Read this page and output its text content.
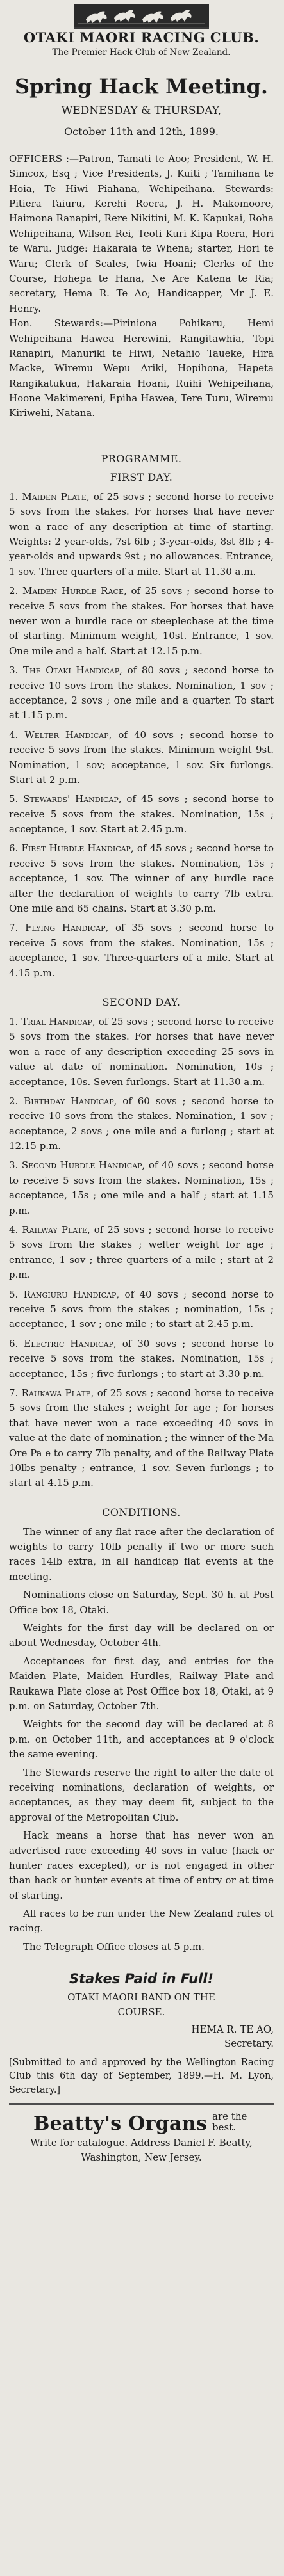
OTAKI MAORI RACING CLUB.
The Premier Hack Club of New Zealand.
Spring Hack Meeting.
WEDNESDAY & THURSDAY,
October 11th and 12th, 1899.

OFFICERS :—Patron, Tamati te Aoo; President, W. H. Simcox, Esq ; Vice Presidents, J. Kuiti ; Tamihana te Hoia, Te Hiwi Piahana, Wehipeihana. Stewards: Pitiera Taiuru, Kerehi Roera, J. H. Makomoore, Haimona Ranapiri, Rere Nikitini, M. K. Kapukai, Roha Wehipeihana, Wilson Rei, Teoti Kuri Kipa Roera, Hori te Waru. Judge: Hakaraia te Whena; starter, Hori te Waru; Clerk of Scales, Iwia Hoani; Clerks of the Course, Hohepa te Hana, Ne Are Katena te Ria; secretary, Hema R. Te Ao; Handicapper, Mr J. E. Henry.

Hon. Stewards:—Piriniona Pohikaru, Hemi Wehipeihana Hawea Herewini, Rangitawhia, Topi Ranapiri, Manuriki te Hiwi, Netahio Taueke, Hira Macke, Wiremu Wepu Ariki, Hopihona, Hapeta Rangikatukua, Hakaraia Hoani, Ruihi Wehipeihana, Hoone Makimereni, Epiha Hawea, Tere Turu, Wiremu Kiriwehi, Natana.

PROGRAMME.
FIRST DAY.
1. Maiden Plate, of 25 sovs ; second horse to receive 5 sovs from the stakes. For horses that have never won a race of any description at time of starting. Weights: 2 year-olds, 7st 6lb ; 3-year-olds, 8st 8lb ; 4-year-olds and upwards 9st ; no allowances. Entrance, 1 sov. Three quarters of a mile. Start at 11.30 a.m.
2. Maiden Hurdle Race, of 25 sovs ; second horse to receive 5 sovs from the stakes. For horses that have never won a hurdle race or steeplechase at the time of starting. Minimum weight, 10st. Entrance, 1 sov. One mile and a half. Start at 12.15 p.m.
3. The Otaki Handicap, of 80 sovs ; second horse to receive 10 sovs from the stakes. Nomination, 1 sov ; acceptance, 2 sovs ; one mile and a quarter. To start at 1.15 p.m.
4. Welter Handicap, of 40 sovs ; second horse to receive 5 sovs from the stakes. Minimum weight 9st. Nomination, 1 sov; acceptance, 1 sov. Six furlongs. Start at 2 p.m.
5. Stewards' Handicap, of 45 sovs ; second horse to receive 5 sovs from the stakes. Nomination, 15s ; acceptance, 1 sov. Start at 2.45 p.m.
6. First Hurdle Handicap, of 45 sovs ; second horse to receive 5 sovs from the stakes. Nomination, 15s ; acceptance, 1 sov. The winner of any hurdle race after the declaration of weights to carry 7lb extra. One mile and 65 chains. Start at 3.30 p.m.
7. Flying Handicap, of 35 sovs ; second horse to receive 5 sovs from the stakes. Nomination, 15s ; acceptance, 1 sov. Three-quarters of a mile. Start at 4.15 p.m.
SECOND DAY.
1. Trial Handicap, of 25 sovs ; second horse to receive 5 sovs from the stakes. For horses that have never won a race of any description exceeding 25 sovs in value at date of nomination. Nomination, 10s ; acceptance, 10s. Seven furlongs. Start at 11.30 a.m.
2. Birthday Handicap, of 60 sovs ; second horse to receive 10 sovs from the stakes. Nomination, 1 sov ; acceptance, 2 sovs ; one mile and a furlong ; start at 12.15 p.m.
3. Second Hurdle Handicap, of 40 sovs ; second horse to receive 5 sovs from the stakes. Nomination, 15s ; acceptance, 15s ; one mile and a half ; start at 1.15 p.m.
4. Railway Plate, of 25 sovs ; second horse to receive 5 sovs from the stakes ; welter weight for age ; entrance, 1 sov ; three quarters of a mile ; start at 2 p.m.
5. Rangiuru Handicap, of 40 sovs ; second horse to receive 5 sovs from the stakes ; nomination, 15s ; acceptance, 1 sov ; one mile ; to start at 2.45 p.m.
6. Electric Handicap, of 30 sovs ; second horse to receive 5 sovs from the stakes. Nomination, 15s ; acceptance, 15s ; five furlongs ; to start at 3.30 p.m.
7. Raukawa Plate, of 25 sovs ; second horse to receive 5 sovs from the stakes ; weight for age ; for horses that have never won a race exceeding 40 sovs in value at the date of nomination ; the winner of the Ma Ore Pa e to carry 7lb penalty, and of the Railway Plate 10lbs penalty ; entrance, 1 sov. Seven furlongs ; to start at 4.15 p.m.
CONDITIONS.

The winner of any flat race after the declaration of weights to carry 10lb penalty if two or more such races 14lb extra, in all handicap flat events at the meeting.

Nominations close on Saturday, Sept. 30 h. at Post Office box 18, Otaki.

Weights for the first day will be declared on or about Wednesday, October 4th.

Acceptances for first day, and entries for the Maiden Plate, Maiden Hurdles, Railway Plate and Raukawa Plate close at Post Office box 18, Otaki, at 9 p.m. on Saturday, October 7th.

Weights for the second day will be declared at 8 p.m. on October 11th, and acceptances at 9 o'clock the same evening.

The Stewards reserve the right to alter the date of receiving nominations, declaration of weights, or acceptances, as they may deem fit, subject to the approval of the Metropolitan Club.

Hack means a horse that has never won an advertised race exceeding 40 sovs in value (hack or hunter races excepted), or is not engaged in other than hack or hunter events at time of entry or at time of starting.

All races to be run under the New Zealand rules of racing.

The Telegraph Office closes at 5 p.m.

Stakes Paid in Full!
OTAKI MAORI BAND ON THE
COURSE.
HEMA R. TE AO,
Secretary.
[Submitted to and approved by the Wellington Racing Club this 6th day of September, 1899.—H. M. Lyon, Secretary.]
Beatty's Organs are the best.
Write for catalogue. Address Daniel F. Beatty, Washington, New Jersey.
